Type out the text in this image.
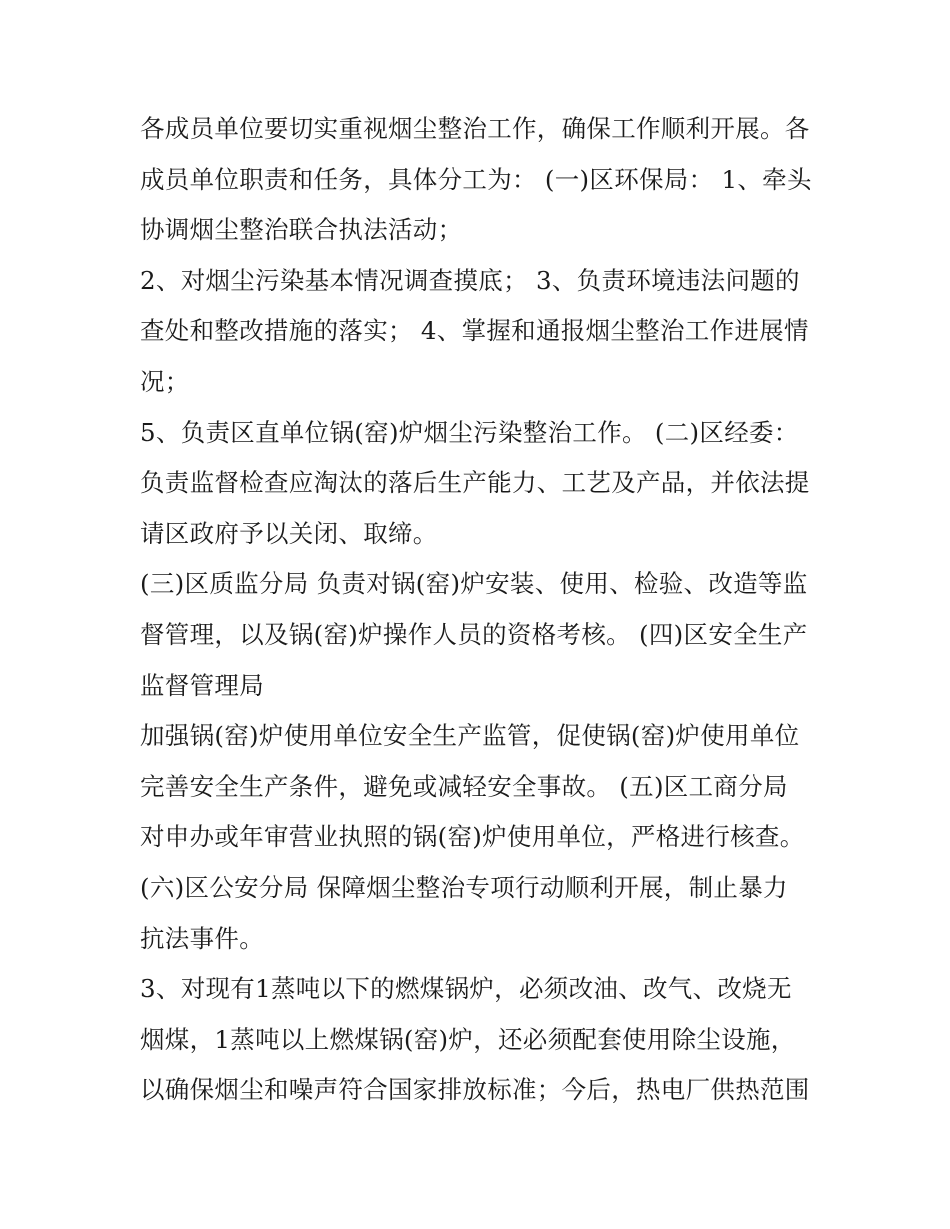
各成员单位要切实重视烟尘整治工作，确保工作顺利开展。各
成员单位职责和任务，具体分工为： (一)区环保局： 1、牵头
协调烟尘整治联合执法活动；
2、对烟尘污染基本情况调查摸底； 3、负责环境违法问题的
查处和整改措施的落实； 4、掌握和通报烟尘整治工作进展情
况；
5、负责区直单位锅(窑)炉烟尘污染整治工作。 (二)区经委：
负责监督检查应淘汰的落后生产能力、工艺及产品，并依法提
请区政府予以关闭、取缔。
(三)区质监分局 负责对锅(窑)炉安装、使用、检验、改造等监
督管理，以及锅(窑)炉操作人员的资格考核。 (四)区安全生产
监督管理局
加强锅(窑)炉使用单位安全生产监管，促使锅(窑)炉使用单位
完善安全生产条件，避免或减轻安全事故。 (五)区工商分局
对申办或年审营业执照的锅(窑)炉使用单位，严格进行核查。
(六)区公安分局 保障烟尘整治专项行动顺利开展，制止暴力
抗法事件。
3、对现有1蒸吨以下的燃煤锅炉，必须改油、改气、改烧无
烟煤，1蒸吨以上燃煤锅(窑)炉，还必须配套使用除尘设施，
以确保烟尘和噪声符合国家排放标准；今后，热电厂供热范围
